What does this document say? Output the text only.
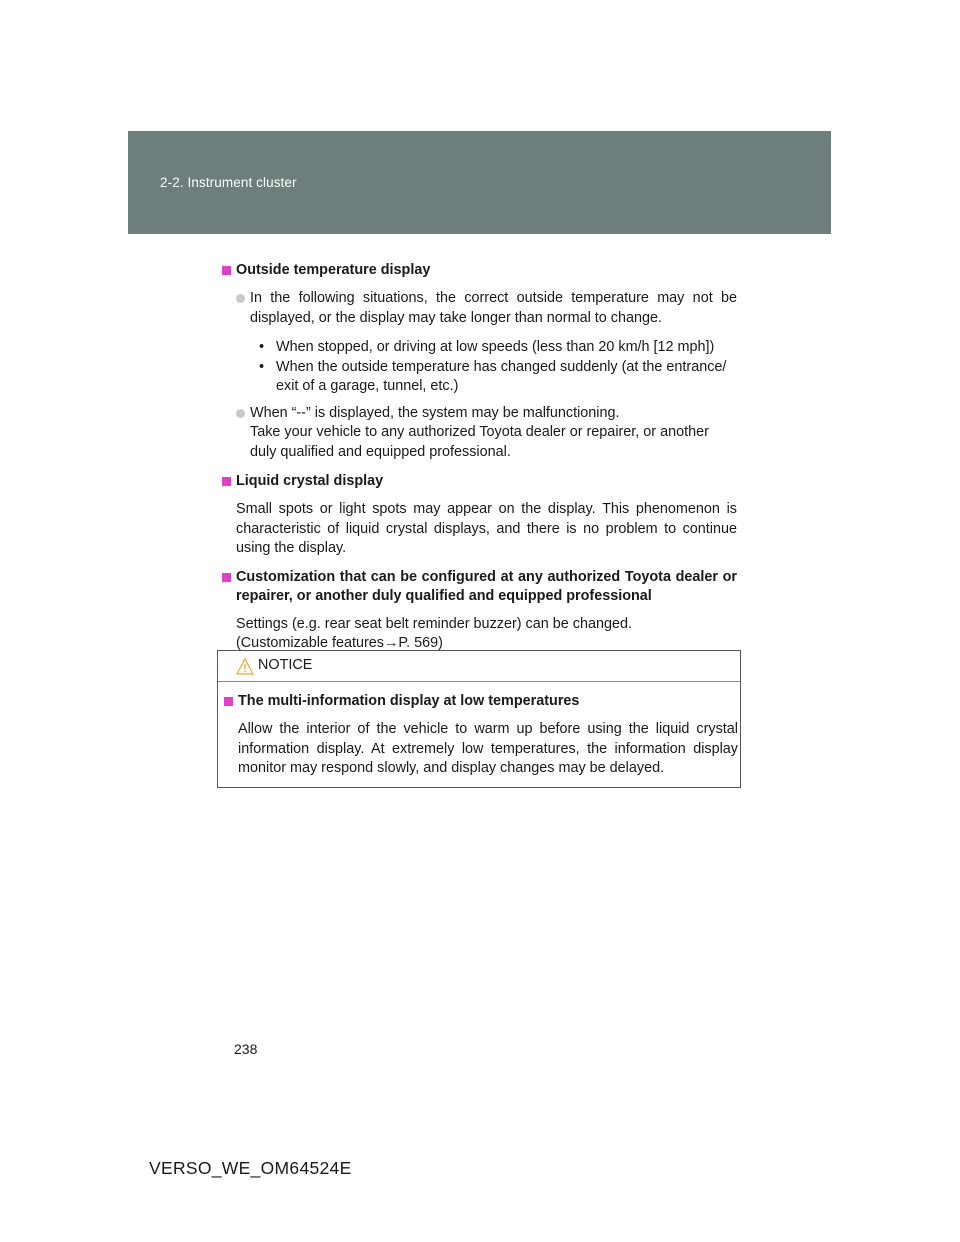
2-2. Instrument cluster
Outside temperature display
In the following situations, the correct outside temperature may not be displayed, or the display may take longer than normal to change.
• When stopped, or driving at low speeds (less than 20 km/h [12 mph])
• When the outside temperature has changed suddenly (at the entrance/ exit of a garage, tunnel, etc.)
When “--” is displayed, the system may be malfunctioning.
Take your vehicle to any authorized Toyota dealer or repairer, or another duly qualified and equipped professional.
Liquid crystal display
Small spots or light spots may appear on the display. This phenomenon is characteristic of liquid crystal displays, and there is no problem to continue using the display.
Customization that can be configured at any authorized Toyota dealer or repairer, or another duly qualified and equipped professional
Settings (e.g. rear seat belt reminder buzzer) can be changed.
(Customizable features→P. 569)
NOTICE
The multi-information display at low temperatures
Allow the interior of the vehicle to warm up before using the liquid crystal information display. At extremely low temperatures, the information display monitor may respond slowly, and display changes may be delayed.
238
VERSO_WE_OM64524E
